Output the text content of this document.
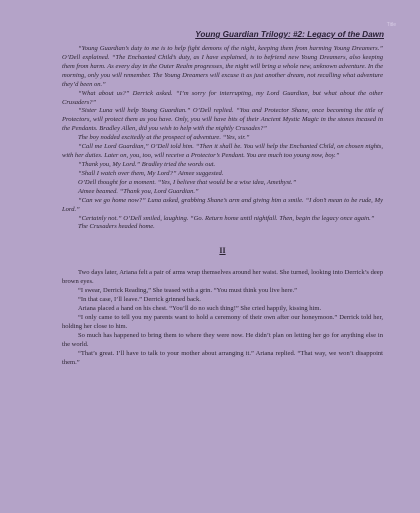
Title
Young Guardian Trilogy: #2: Legacy of the Dawn

“Young Guardian’s duty to me is to help fight demons of the night, keeping them from harming Young Dreamers.” O’Dell explained. “The Enchanted Child’s duty, as I have explained, is to befriend new Young Dreamers, also keeping them from harm. As every day in the Outer Realm progresses, the night will bring a whole new, unknown adventure. In the morning, only you will remember. The Young Dreamers will excuse it as just another dream, not recalling what adventure they’d been on.”

“What about us?” Derrick asked. “I’m sorry for interrupting, my Lord Guardian, but what about the other Crusaders?”

“Sister Luna will help Young Guardian.” O’Dell replied. “You and Protector Shane, once becoming the title of Protectors, will protect them as you have. Only, you will have bits of their Ancient Mystic Magic in the stones incased in the Pendants. Bradley Allen, did you wish to help with the nightly Crusades?”

The boy nodded excitedly at the prospect of adventure. “Yes, sir.”

“Call me Lord Guardian,” O’Dell told him. “Then it shall be. You will help the Enchanted Child, on chosen nights, with her duties. Later on, you, too, will receive a Protector’s Pendant. You are much too young now, boy.”

“Thank you, My Lord.” Bradley tried the words out.

“Shall I watch over them, My Lord?” Aimee suggested.

O’Dell thought for a moment. “Yes, I believe that would be a wise idea, Amethyst.”

Aimee beamed. “Thank you, Lord Guardian.”

“Can we go home now?” Luna asked, grabbing Shane’s arm and giving him a smile. “I don’t mean to be rude, My Lord.”

“Certainly not.” O’Dell smiled, laughing. “Go. Return home until nightfall. Then, begin the legacy once again.”

The Crusaders headed home.

II

Two days later, Ariana felt a pair of arms wrap themselves around her waist. She turned, looking into Derrick’s deep brown eyes.

“I swear, Derrick Reading,” She teased with a grin. “You must think you live here.”

“In that case, I’ll leave.” Derrick grinned back.

Ariana placed a hand on his chest. “You’ll do no such thing!” She cried happily, kissing him.

“I only came to tell you my parents want to hold a ceremony of their own after our honeymoon.” Derrick told her, holding her close to him.

So much has happened to bring them to where they were now. He didn’t plan on letting her go for anything else in the world.

“That’s great. I’ll have to talk to your mother about arranging it.” Ariana replied. “That way, we won’t disappoint them.”
